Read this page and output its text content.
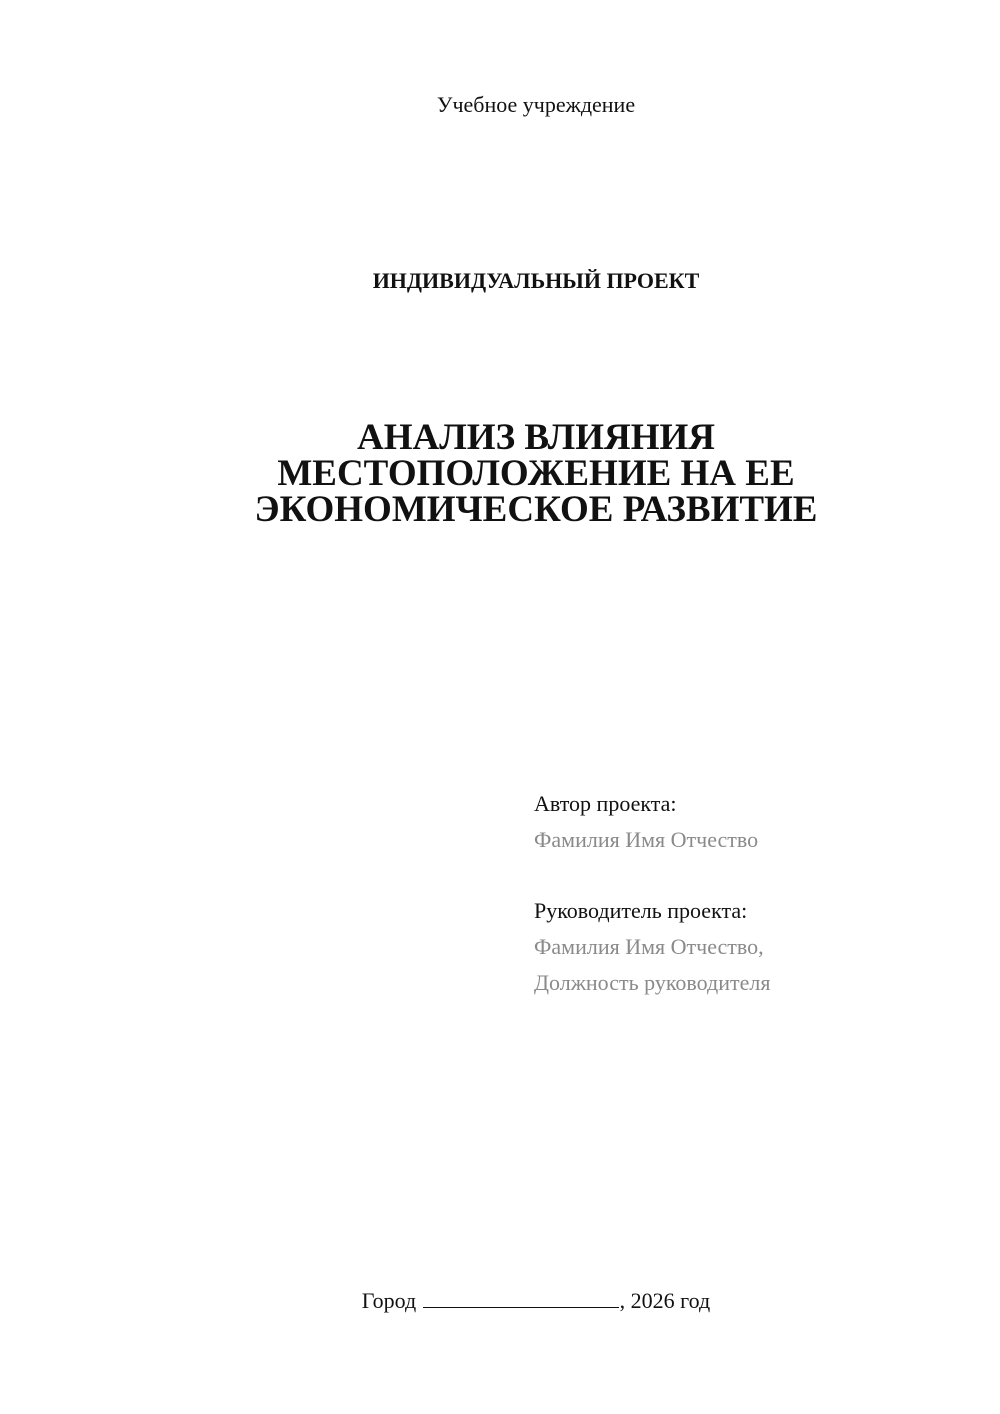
Учебное учреждение
ИНДИВИДУАЛЬНЫЙ ПРОЕКТ
АНАЛИЗ ВЛИЯНИЯ
МЕСТОПОЛОЖЕНИЕ НА ЕЕ
ЭКОНОМИЧЕСКОЕ РАЗВИТИЕ
Автор проекта:
Фамилия Имя Отчество
Руководитель проекта:
Фамилия Имя Отчество,
Должность руководителя
Город	, 2026 год
